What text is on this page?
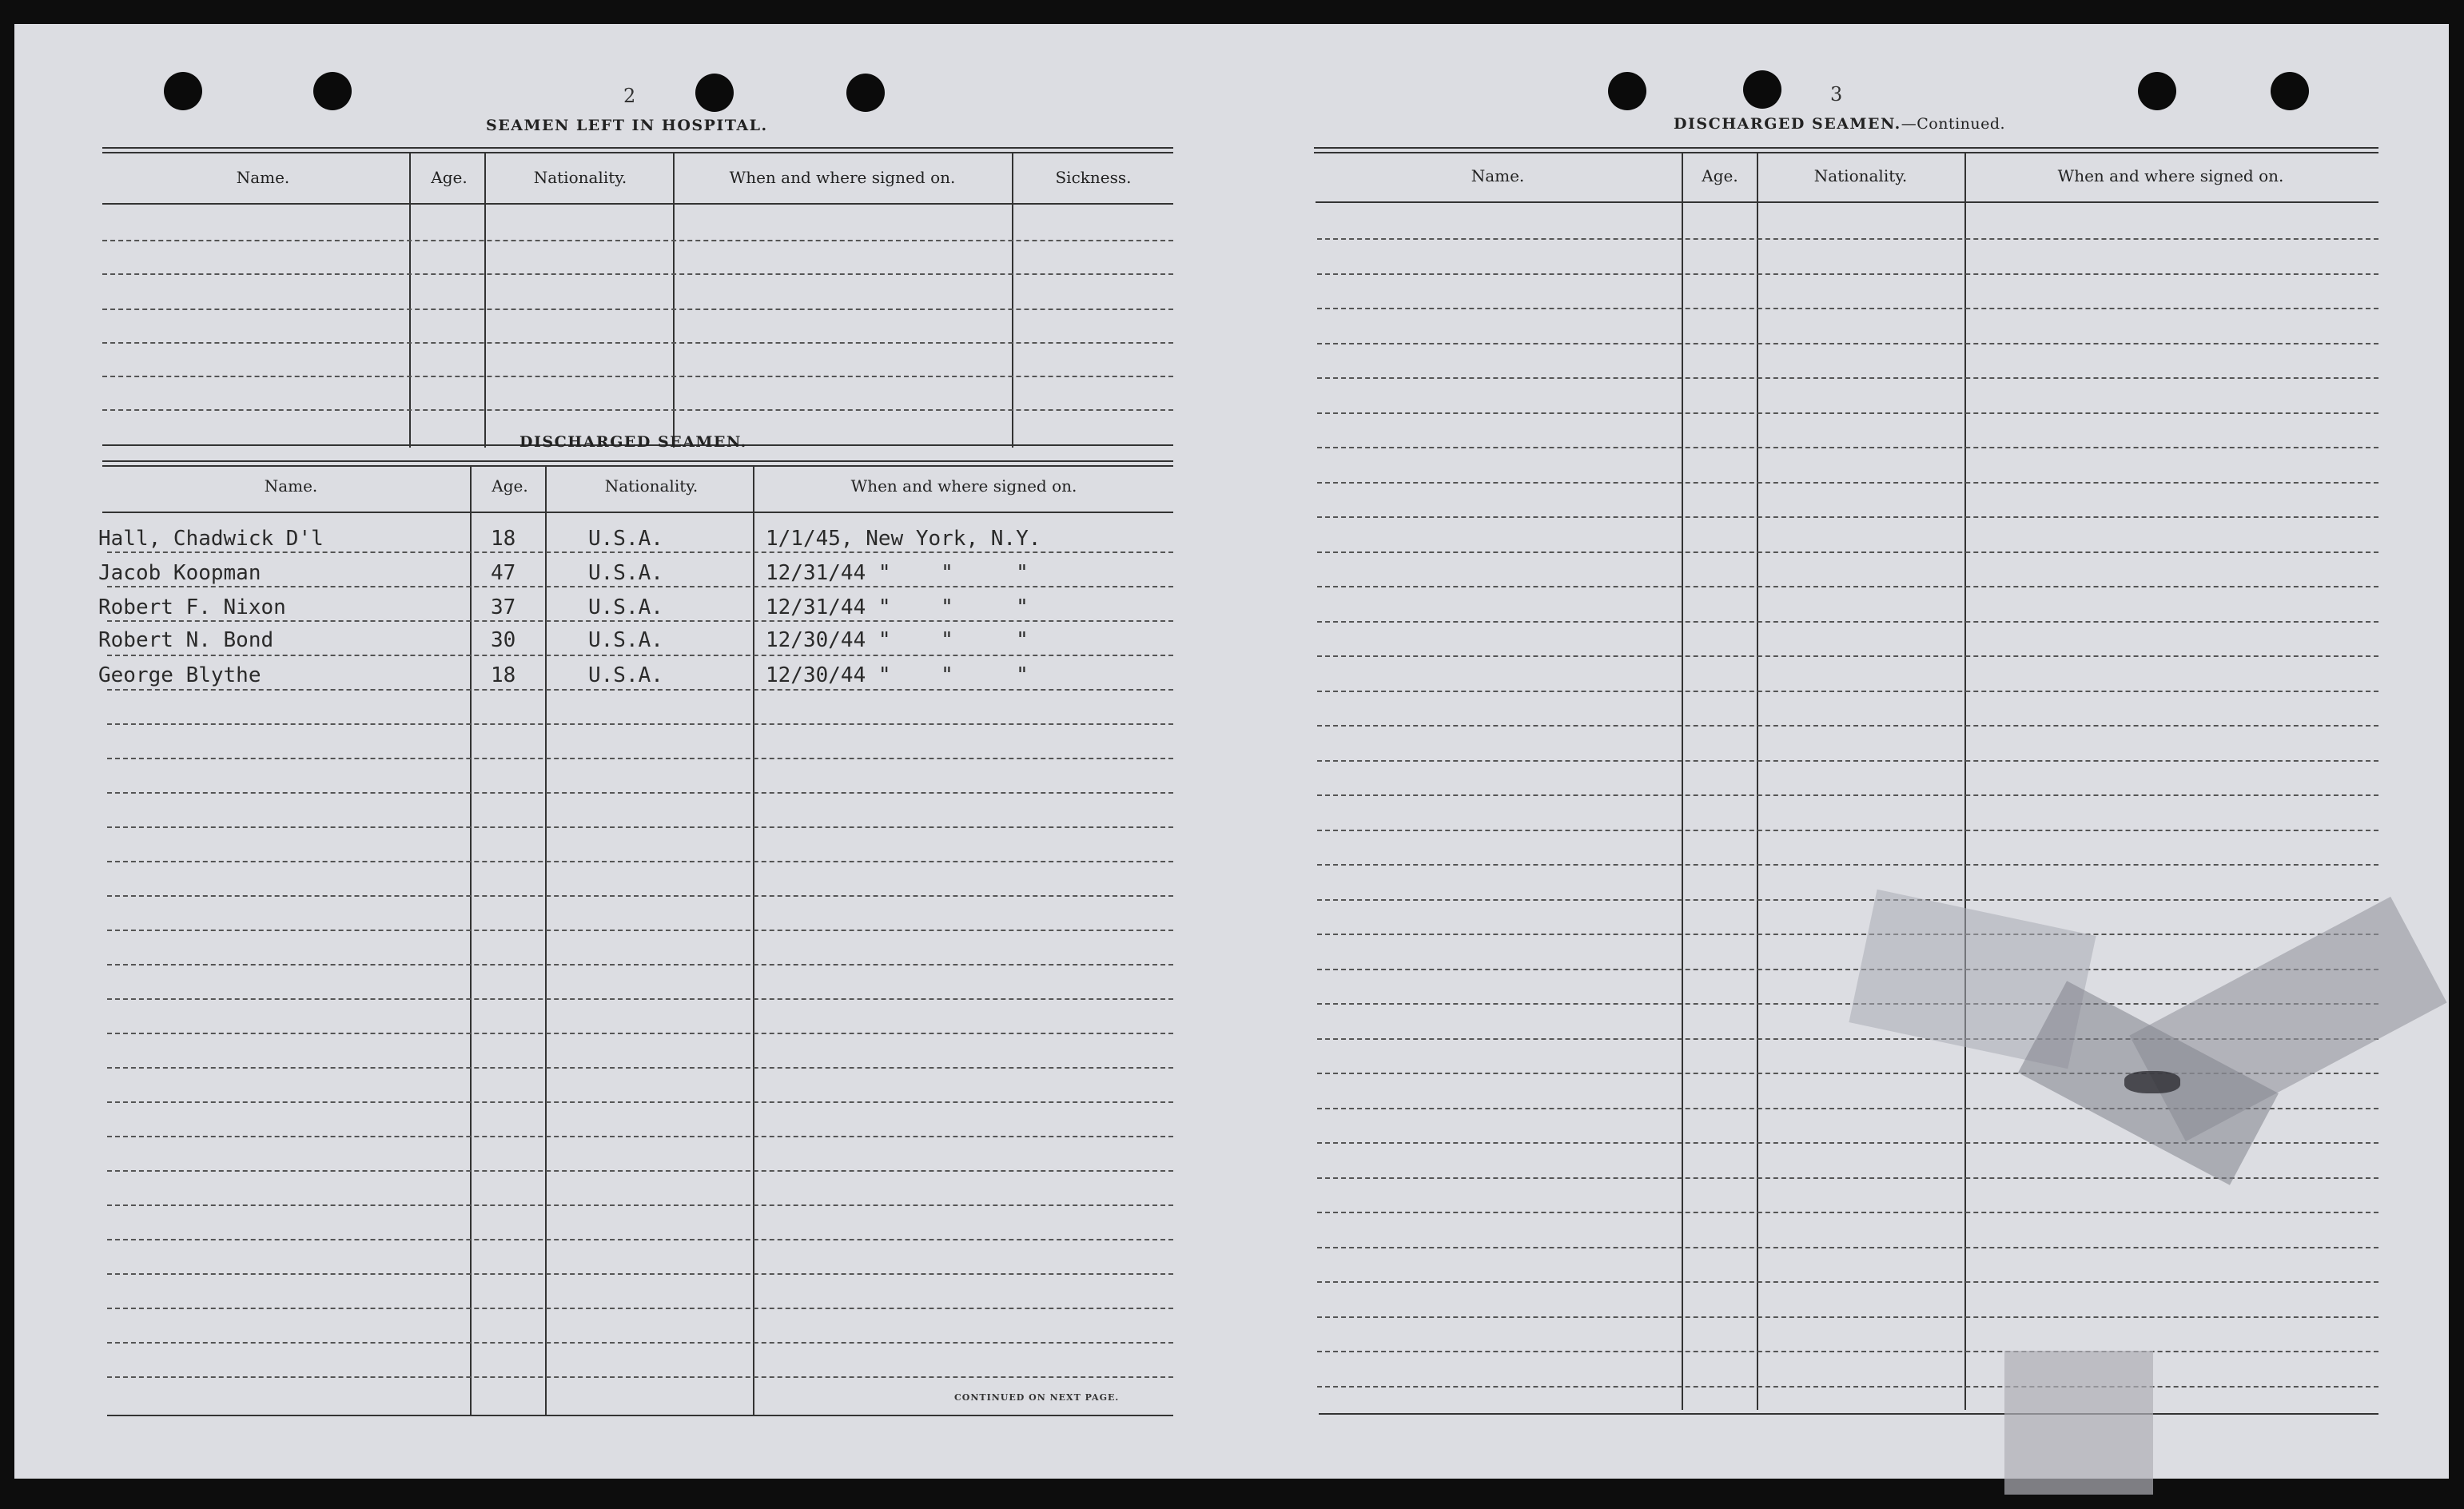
2
SEAMEN LEFT IN HOSPITAL.
Name.	Age.	Nationality.	When and where signed on.	Sickness.
DISCHARGED SEAMEN.
Name.	Age.	Nationality.	When and where signed on.
Hall, Chadwick D'l	18	U.S.A.	1/1/45, New York, N.Y.
Jacob Koopman	47	U.S.A.	12/31/44 "    "     "
Robert F. Nixon	37	U.S.A.	12/31/44 "    "     "
Robert N. Bond	30	U.S.A.	12/30/44 "    "     "
George Blythe	18	U.S.A.	12/30/44 "    "     "
CONTINUED ON NEXT PAGE.
3
DISCHARGED SEAMEN.—Continued.
Name.	Age.	Nationality.	When and where signed on.
